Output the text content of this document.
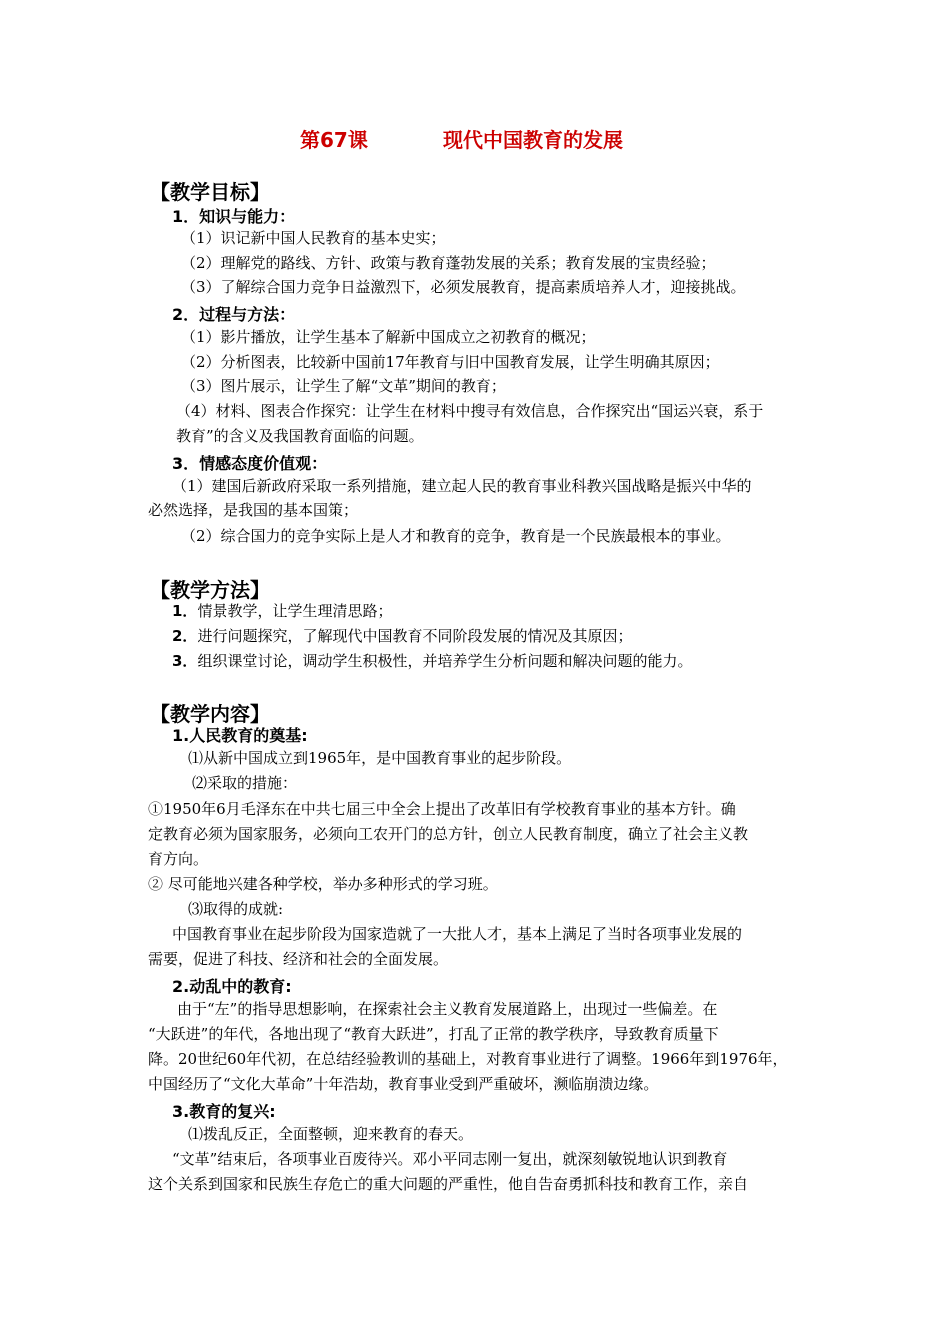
第67课	现代中国教育的发展
【教学目标】
1．知识与能力：
（1）识记新中国人民教育的基本史实；
（2）理解党的路线、方针、政策与教育蓬勃发展的关系；教育发展的宝贵经验；
（3）了解综合国力竞争日益激烈下，必须发展教育，提高素质培养人才，迎接挑战。
2．过程与方法：
（1）影片播放，让学生基本了解新中国成立之初教育的概况；
（2）分析图表，比较新中国前17年教育与旧中国教育发展，让学生明确其原因；
（3）图片展示，让学生了解“文革”期间的教育；
（4）材料、图表合作探究：让学生在材料中搜寻有效信息，合作探究出“国运兴衰，系于
教育”的含义及我国教育面临的问题。
3．情感态度价值观：
（1）建国后新政府采取一系列措施，建立起人民的教育事业科教兴国战略是振兴中华的
必然选择，是我国的基本国策；
（2）综合国力的竞争实际上是人才和教育的竞争，教育是一个民族最根本的事业。
【教学方法】
1．情景教学，让学生理清思路；
2．进行问题探究，了解现代中国教育不同阶段发展的情况及其原因；
3．组织课堂讨论，调动学生积极性，并培养学生分析问题和解决问题的能力。
【教学内容】
1.人民教育的奠基:
⑴从新中国成立到1965年，是中国教育事业的起步阶段。
⑵采取的措施：
①1950年6月毛泽东在中共七届三中全会上提出了改革旧有学校教育事业的基本方针。确
定教育必须为国家服务，必须向工农开门的总方针，创立人民教育制度，确立了社会主义教
育方向。
② 尽可能地兴建各种学校，举办多种形式的学习班。
⑶取得的成就:
中国教育事业在起步阶段为国家造就了一大批人才，基本上满足了当时各项事业发展的
需要，促进了科技、经济和社会的全面发展。
2.动乱中的教育:
由于“左”的指导思想影响，在探索社会主义教育发展道路上，出现过一些偏差。在
“大跃进”的年代，各地出现了“教育大跃进”，打乱了正常的教学秩序，导致教育质量下
降。20世纪60年代初，在总结经验教训的基础上，对教育事业进行了调整。1966年到1976年，
中国经历了“文化大革命”十年浩劫，教育事业受到严重破坏，濒临崩溃边缘。
3.教育的复兴:
⑴拨乱反正，全面整顿，迎来教育的春天。
“文革”结束后，各项事业百废待兴。邓小平同志刚一复出，就深刻敏锐地认识到教育
这个关系到国家和民族生存危亡的重大问题的严重性，他自告奋勇抓科技和教育工作，亲自
